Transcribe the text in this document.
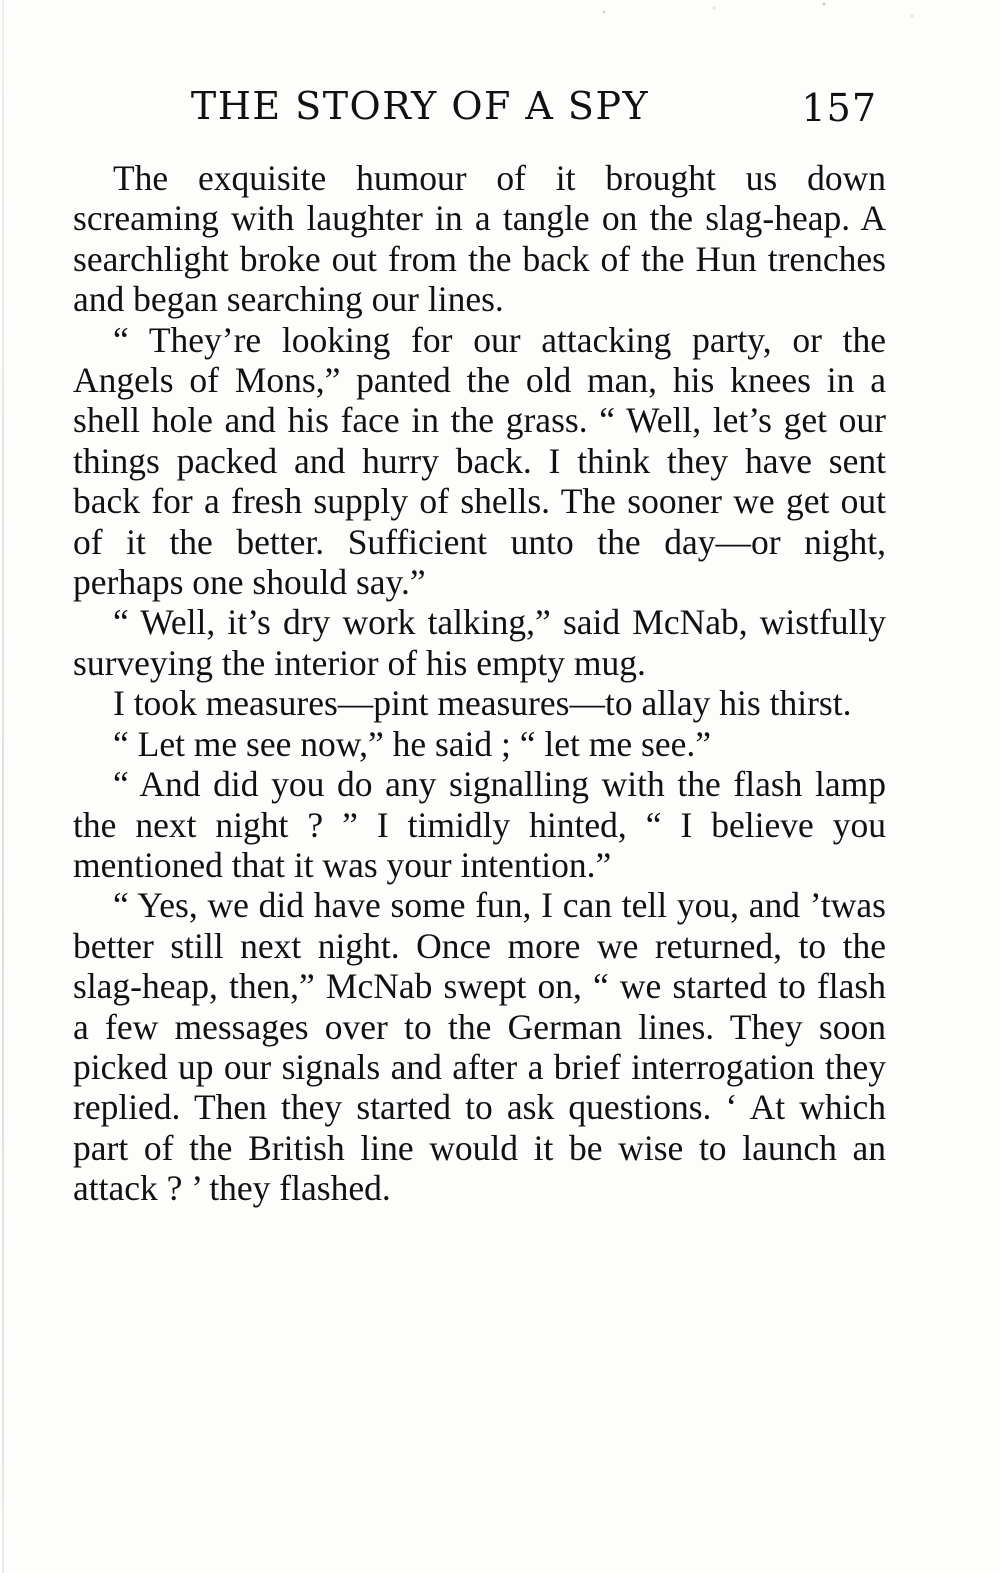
THE STORY OF A SPY	157

The exquisite humour of it brought us down screaming with laughter in a tangle on the slag-heap. A searchlight broke out from the back of the Hun trenches and began searching our lines.

“ They’re looking for our attacking party, or the Angels of Mons,” panted the old man, his knees in a shell hole and his face in the grass. “ Well, let’s get our things packed and hurry back. I think they have sent back for a fresh supply of shells. The sooner we get out of it the better. Sufficient unto the day—or night, perhaps one should say.”

“ Well, it’s dry work talking,” said McNab, wistfully surveying the interior of his empty mug.

I took measures—pint measures—to allay his thirst.

“ Let me see now,” he said ; “ let me see.”

“ And did you do any signalling with the flash lamp the next night ? ” I timidly hinted, “ I believe you mentioned that it was your intention.”

“ Yes, we did have some fun, I can tell you, and ’twas better still next night. Once more we returned, to the slag-heap, then,” McNab swept on, “ we started to flash a few messages over to the German lines. They soon picked up our signals and after a brief interrogation they replied. Then they started to ask questions. ‘ At which part of the British line would it be wise to launch an attack ? ’ they flashed.
